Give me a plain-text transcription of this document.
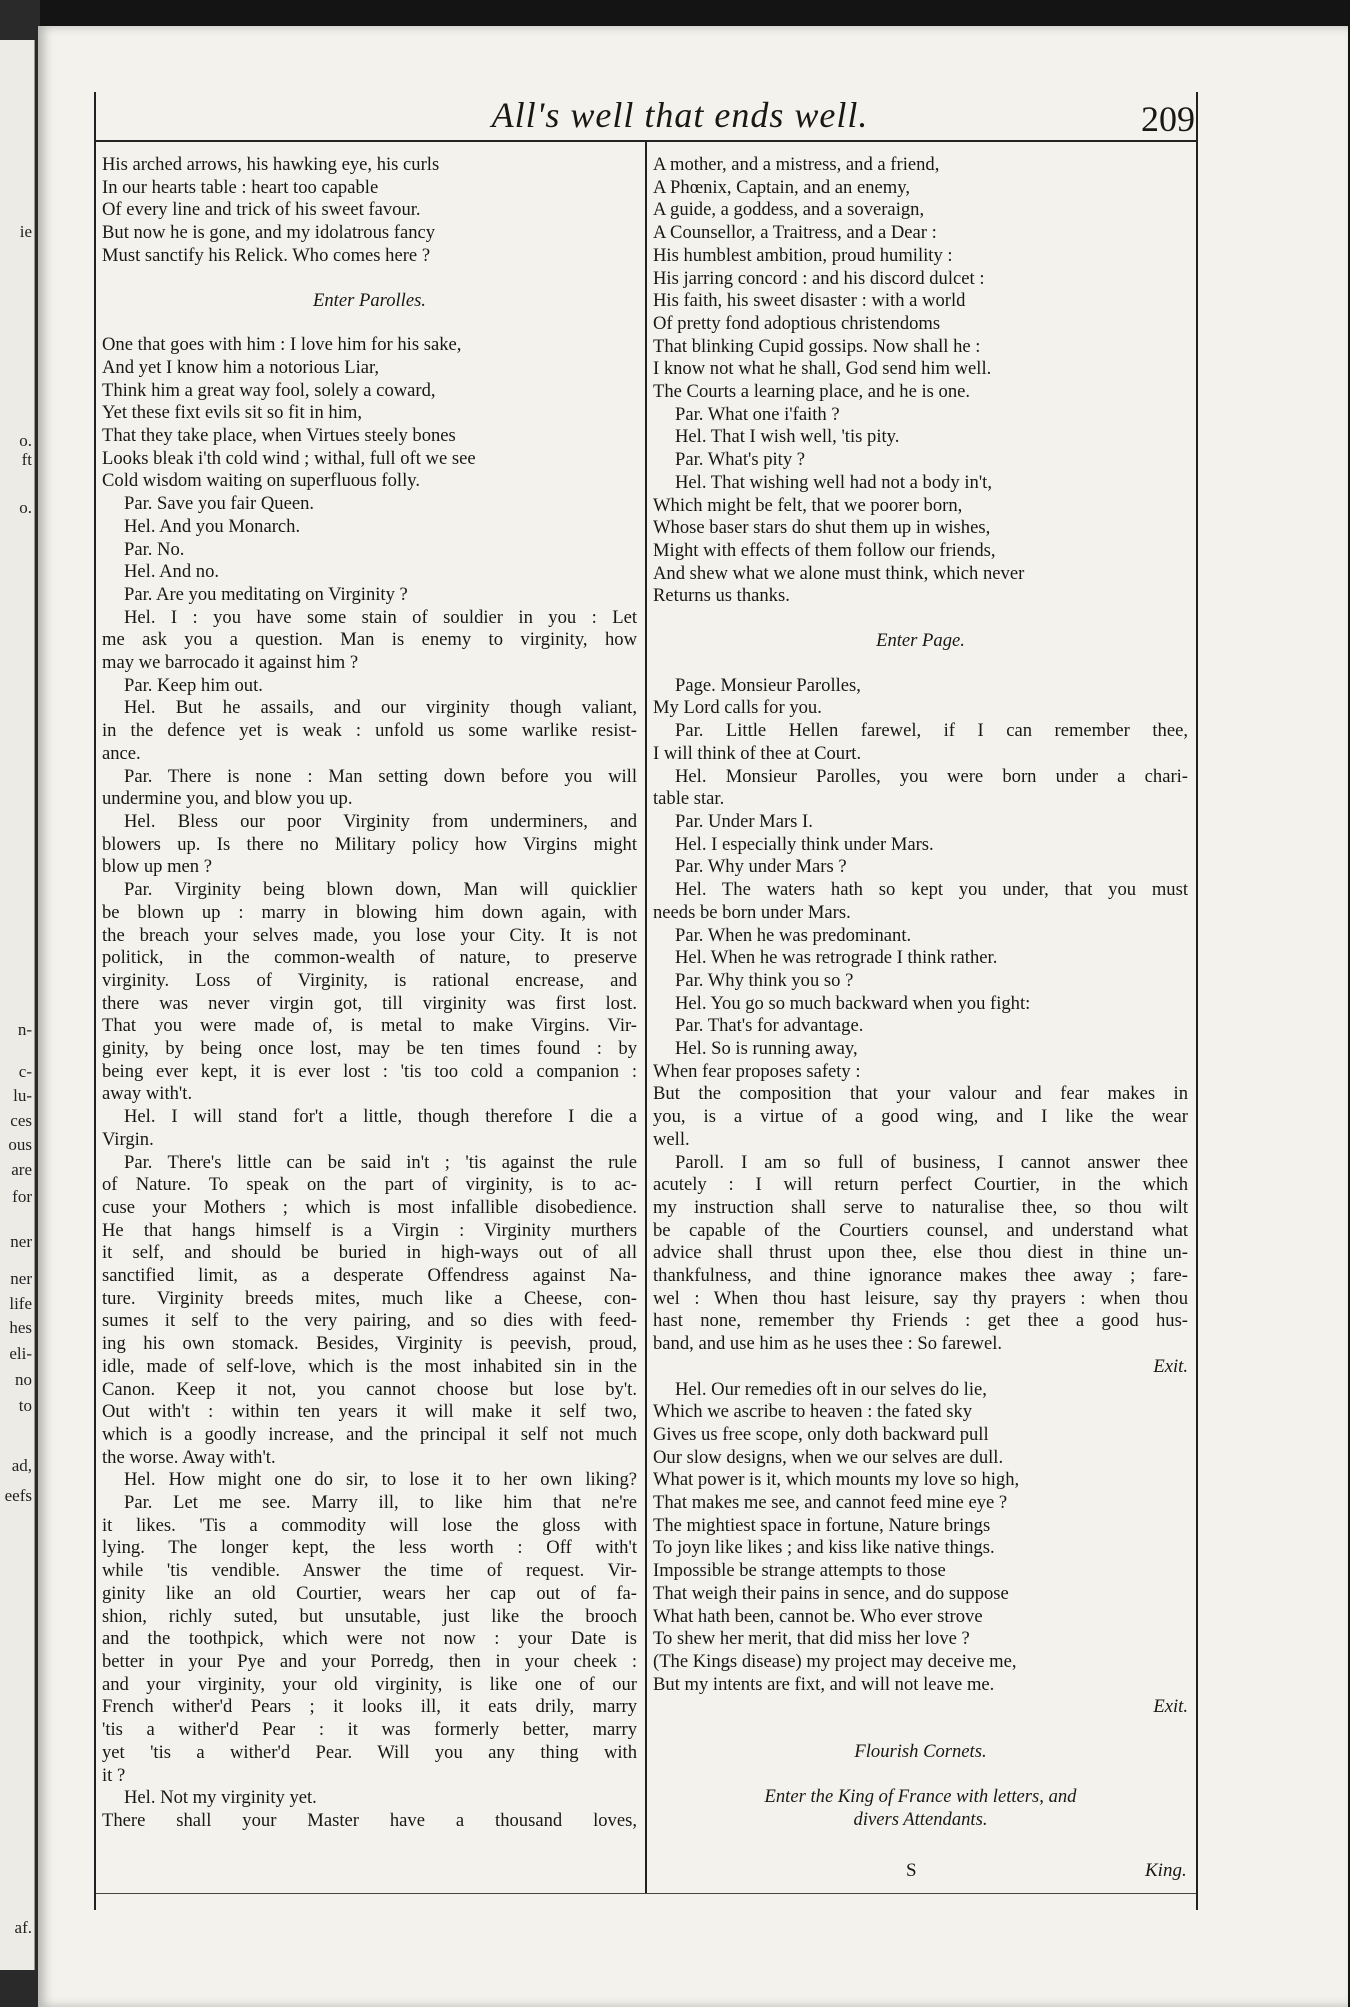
ie
o.
ft
o.
n-
c-
lu-
ces
ous
are
for
ner
ner
life
hes
eli-
no
to
ad,
eefs
af.
All's well that ends well.	209
His arched arrows, his hawking eye, his curls
In our hearts table : heart too capable
Of every line and trick of his sweet favour.
But now he is gone, and my idolatrous fancy
Must sanctify his Relick. Who comes here ?
Enter Parolles.
One that goes with him : I love him for his sake,
And yet I know him a notorious Liar,
Think him a great way fool, solely a coward,
Yet these fixt evils sit so fit in him,
That they take place, when Virtues steely bones
Looks bleak i'th cold wind ; withal, full oft we see
Cold wisdom waiting on superfluous folly.
Par. Save you fair Queen.
Hel. And you Monarch.
Par. No.
Hel. And no.
Par. Are you meditating on Virginity ?
Hel. I : you have some stain of souldier in you : Let
me ask you a question. Man is enemy to virginity, how
may we barrocado it against him ?
Par. Keep him out.
Hel. But he assails, and our virginity though valiant,
in the defence yet is weak : unfold us some warlike resist-
ance.
Par. There is none : Man setting down before you will
undermine you, and blow you up.
Hel. Bless our poor Virginity from underminers, and
blowers up. Is there no Military policy how Virgins might
blow up men ?
Par. Virginity being blown down, Man will quicklier
be blown up : marry in blowing him down again, with
the breach your selves made, you lose your City. It is not
politick, in the common-wealth of nature, to preserve
virginity. Loss of Virginity, is rational encrease, and
there was never virgin got, till virginity was first lost.
That you were made of, is metal to make Virgins. Vir-
ginity, by being once lost, may be ten times found : by
being ever kept, it is ever lost : 'tis too cold a companion :
away with't.
Hel. I will stand for't a little, though therefore I die a
Virgin.
Par. There's little can be said in't ; 'tis against the rule
of Nature. To speak on the part of virginity, is to ac-
cuse your Mothers ; which is most infallible disobedience.
He that hangs himself is a Virgin : Virginity murthers
it self, and should be buried in high-ways out of all
sanctified limit, as a desperate Offendress against Na-
ture. Virginity breeds mites, much like a Cheese, con-
sumes it self to the very pairing, and so dies with feed-
ing his own stomack. Besides, Virginity is peevish, proud,
idle, made of self-love, which is the most inhabited sin in the
Canon. Keep it not, you cannot choose but lose by't.
Out with't : within ten years it will make it self two,
which is a goodly increase, and the principal it self not much
the worse. Away with't.
Hel. How might one do sir, to lose it to her own liking?
Par. Let me see. Marry ill, to like him that ne're
it likes. 'Tis a commodity will lose the gloss with
lying. The longer kept, the less worth : Off with't
while 'tis vendible. Answer the time of request. Vir-
ginity like an old Courtier, wears her cap out of fa-
shion, richly suted, but unsutable, just like the brooch
and the toothpick, which were not now : your Date is
better in your Pye and your Porredg, then in your cheek :
and your virginity, your old virginity, is like one of our
French wither'd Pears ; it looks ill, it eats drily, marry
'tis a wither'd Pear : it was formerly better, marry
yet 'tis a wither'd Pear. Will you any thing with
it ?
Hel. Not my virginity yet.
There shall your Master have a thousand loves,
A mother, and a mistress, and a friend,
A Phœnix, Captain, and an enemy,
A guide, a goddess, and a soveraign,
A Counsellor, a Traitress, and a Dear :
His humblest ambition, proud humility :
His jarring concord : and his discord dulcet :
His faith, his sweet disaster : with a world
Of pretty fond adoptious christendoms
That blinking Cupid gossips. Now shall he :
I know not what he shall, God send him well.
The Courts a learning place, and he is one.
Par. What one i'faith ?
Hel. That I wish well, 'tis pity.
Par. What's pity ?
Hel. That wishing well had not a body in't,
Which might be felt, that we poorer born,
Whose baser stars do shut them up in wishes,
Might with effects of them follow our friends,
And shew what we alone must think, which never
Returns us thanks.
Enter Page.
Page. Monsieur Parolles,
My Lord calls for you.
Par. Little Hellen farewel, if I can remember thee,
I will think of thee at Court.
Hel. Monsieur Parolles, you were born under a chari-
table star.
Par. Under Mars I.
Hel. I especially think under Mars.
Par. Why under Mars ?
Hel. The waters hath so kept you under, that you must
needs be born under Mars.
Par. When he was predominant.
Hel. When he was retrograde I think rather.
Par. Why think you so ?
Hel. You go so much backward when you fight:
Par. That's for advantage.
Hel. So is running away,
When fear proposes safety :
But the composition that your valour and fear makes in
you, is a virtue of a good wing, and I like the wear
well.
Paroll. I am so full of business, I cannot answer thee
acutely : I will return perfect Courtier, in the which
my instruction shall serve to naturalise thee, so thou wilt
be capable of the Courtiers counsel, and understand what
advice shall thrust upon thee, else thou diest in thine un-
thankfulness, and thine ignorance makes thee away ; fare-
wel : When thou hast leisure, say thy prayers : when thou
hast none, remember thy Friends : get thee a good hus-
band, and use him as he uses thee : So farewel.
Exit.
Hel. Our remedies oft in our selves do lie,
Which we ascribe to heaven : the fated sky
Gives us free scope, only doth backward pull
Our slow designs, when we our selves are dull.
What power is it, which mounts my love so high,
That makes me see, and cannot feed mine eye ?
The mightiest space in fortune, Nature brings
To joyn like likes ; and kiss like native things.
Impossible be strange attempts to those
That weigh their pains in sence, and do suppose
What hath been, cannot be. Who ever strove
To shew her merit, that did miss her love ?
(The Kings disease) my project may deceive me,
But my intents are fixt, and will not leave me.
Exit.
Flourish Cornets.
Enter the King of France with letters, and
divers Attendants.
S	King.
